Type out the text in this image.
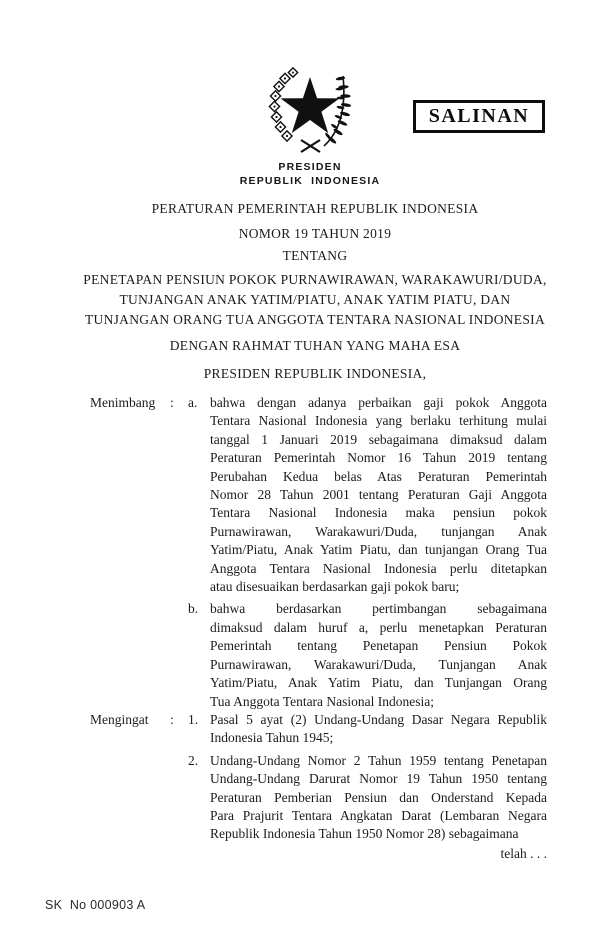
PRESIDEN
REPUBLIK INDONESIA
SALINAN
PERATURAN PEMERINTAH REPUBLIK INDONESIA
NOMOR 19 TAHUN 2019
TENTANG
PENETAPAN PENSIUN POKOK PURNAWIRAWAN, WARAKAWURI/DUDA,
TUNJANGAN ANAK YATIM/PIATU, ANAK YATIM PIATU, DAN
TUNJANGAN ORANG TUA ANGGOTA TENTARA NASIONAL INDONESIA
DENGAN RAHMAT TUHAN YANG MAHA ESA
PRESIDEN REPUBLIK INDONESIA,
Menimbang	:	a. bahwa dengan adanya perbaikan gaji pokok Anggota
Tentara Nasional Indonesia yang berlaku terhitung mulai
tanggal 1 Januari 2019 sebagaimana dimaksud dalam
Peraturan Pemerintah Nomor 16 Tahun 2019 tentang
Perubahan Kedua belas Atas Peraturan Pemerintah
Nomor 28 Tahun 2001 tentang Peraturan Gaji Anggota
Tentara Nasional Indonesia maka pensiun pokok
Purnawirawan, Warakawuri/Duda, tunjangan Anak
Yatim/Piatu, Anak Yatim Piatu, dan tunjangan Orang Tua
Anggota Tentara Nasional Indonesia perlu ditetapkan
atau disesuaikan berdasarkan gaji pokok baru;
b. bahwa berdasarkan pertimbangan sebagaimana
dimaksud dalam huruf a, perlu menetapkan Peraturan
Pemerintah tentang Penetapan Pensiun Pokok
Purnawirawan, Warakawuri/Duda, Tunjangan Anak
Yatim/Piatu, Anak Yatim Piatu, dan Tunjangan Orang
Tua Anggota Tentara Nasional Indonesia;
Mengingat	:	1. Pasal 5 ayat (2) Undang-Undang Dasar Negara Republik
Indonesia Tahun 1945;
2. Undang-Undang Nomor 2 Tahun 1959 tentang Penetapan
Undang-Undang Darurat Nomor 19 Tahun 1950 tentang
Peraturan Pemberian Pensiun dan Onderstand Kepada
Para Prajurit Tentara Angkatan Darat (Lembaran Negara
Republik Indonesia Tahun 1950 Nomor 28) sebagaimana
telah . . .
SK  No 000903 A
